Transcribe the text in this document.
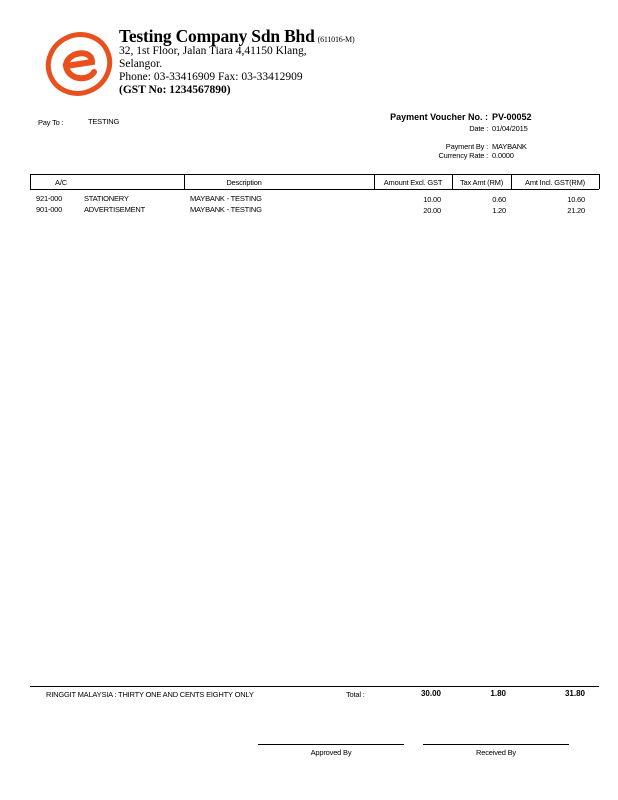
Testing Company Sdn Bhd (611016-M)
32, 1st Floor, Jalan Tiara 4,41150 Klang,
Selangor.
Phone: 03-33416909 Fax: 03-33412909
(GST No: 1234567890)
Pay To :	TESTING	Payment Voucher No. : PV-00052
Date : 01/04/2015
Payment By : MAYBANK
Currency Rate : 0.0000
A/C	Description	Amount Excl. GST	Tax Amt (RM)	Amt Incl. GST(RM)
921-000	STATIONERY	MAYBANK - TESTING	10.00	0.60	10.60
901-000	ADVERTISEMENT	MAYBANK - TESTING	20.00	1.20	21.20
RINGGIT MALAYSIA : THIRTY ONE AND CENTS EIGHTY ONLY	Total :	30.00	1.80	31.80
Approved By	Received By
